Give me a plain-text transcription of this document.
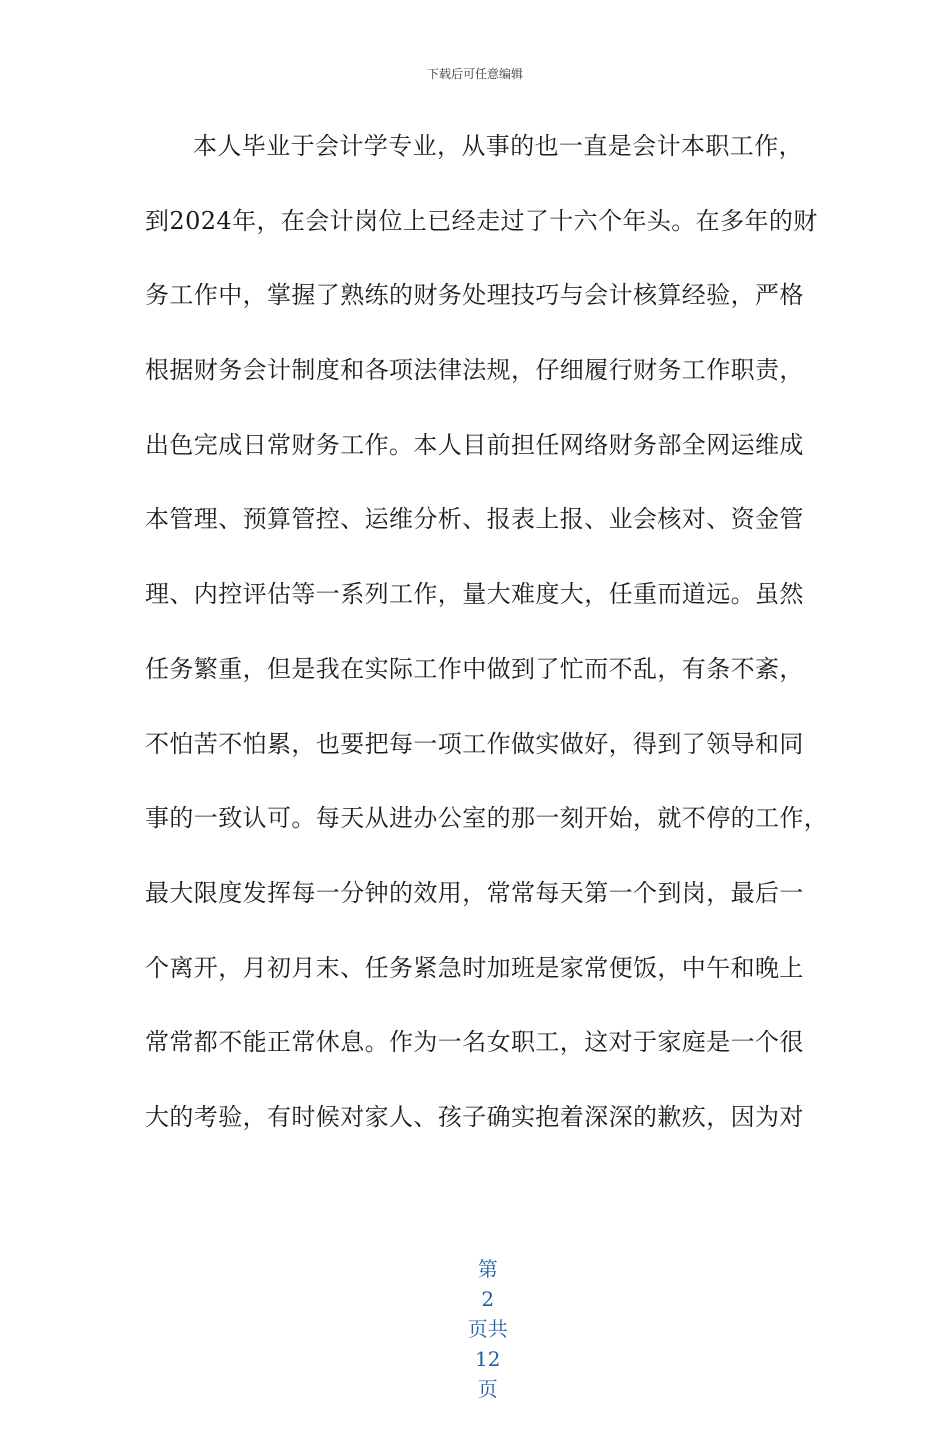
下载后可任意编辑
本人毕业于会计学专业，从事的也一直是会计本职工作，
到2024年，在会计岗位上已经走过了十六个年头。在多年的财
务工作中，掌握了熟练的财务处理技巧与会计核算经验，严格
根据财务会计制度和各项法律法规，仔细履行财务工作职责，
出色完成日常财务工作。本人目前担任网络财务部全网运维成
本管理、预算管控、运维分析、报表上报、业会核对、资金管
理、内控评估等一系列工作，量大难度大，任重而道远。虽然
任务繁重，但是我在实际工作中做到了忙而不乱，有条不紊，
不怕苦不怕累，也要把每一项工作做实做好，得到了领导和同
事的一致认可。每天从进办公室的那一刻开始，就不停的工作，
最大限度发挥每一分钟的效用，常常每天第一个到岗，最后一
个离开，月初月末、任务紧急时加班是家常便饭，中午和晚上
常常都不能正常休息。作为一名女职工，这对于家庭是一个很
大的考验，有时候对家人、孩子确实抱着深深的歉疚，因为对

第
2
页共
12
页
